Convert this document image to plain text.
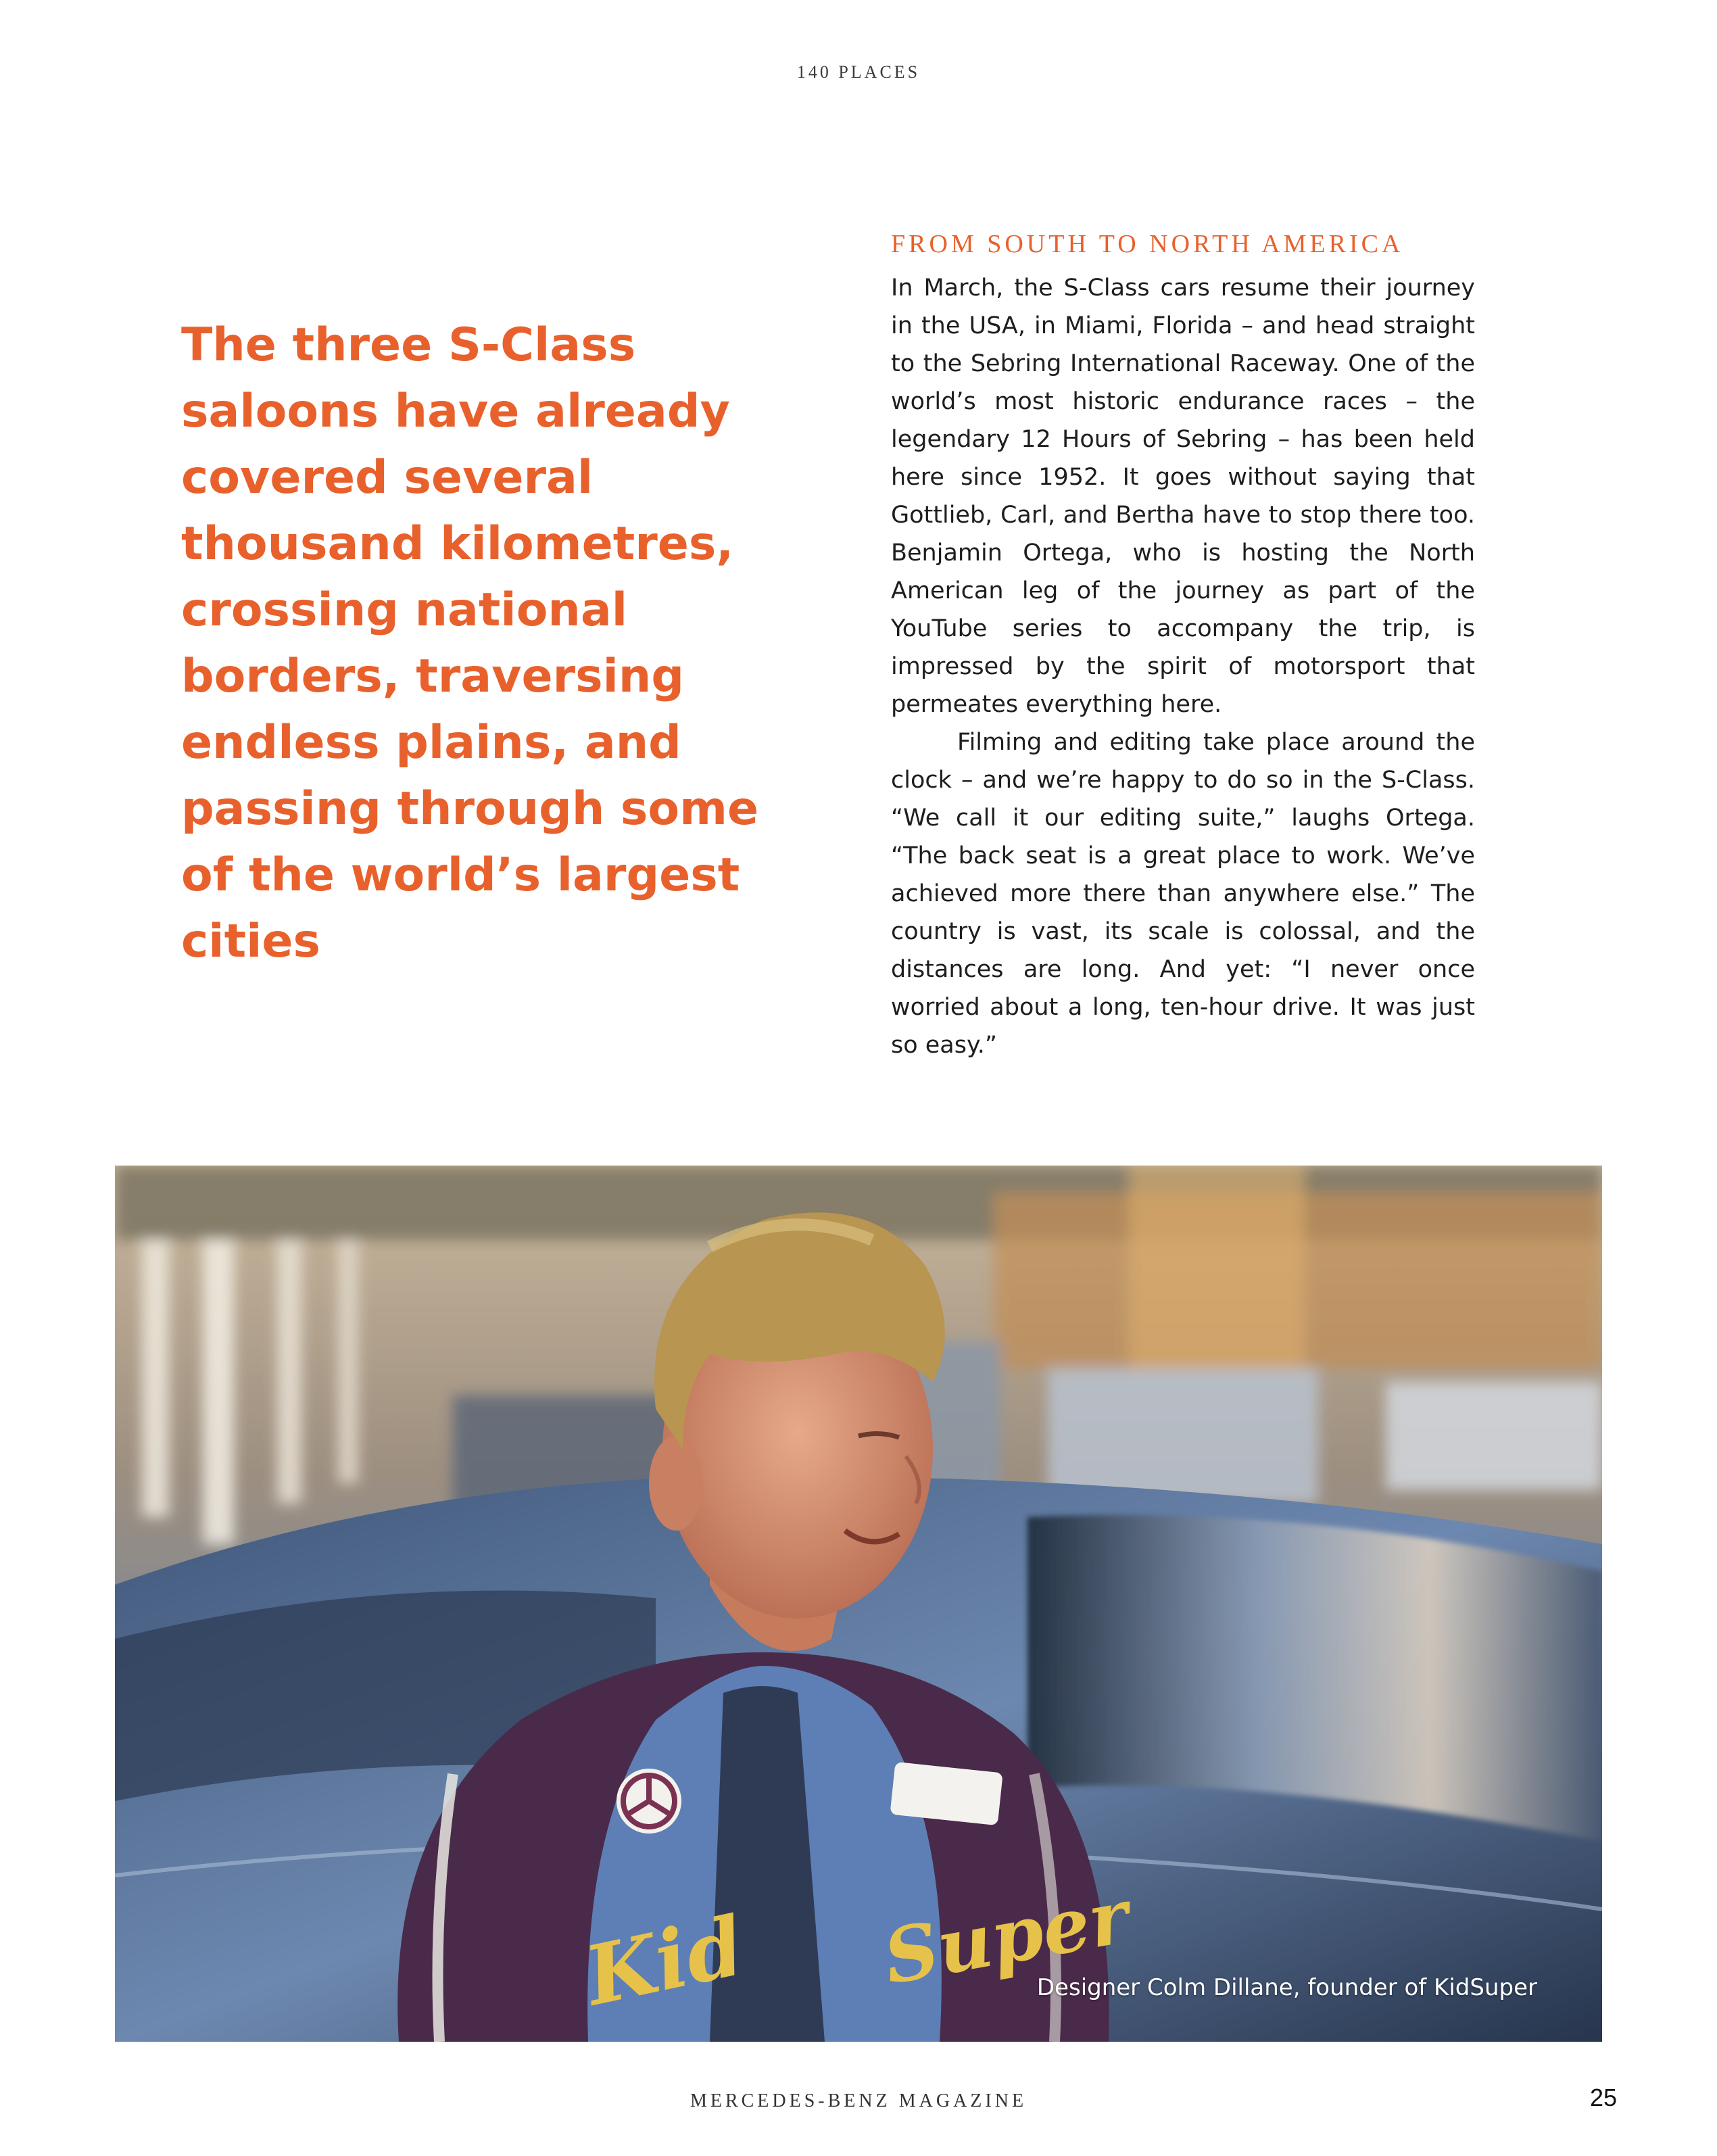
140 PLACES
The three S-Class saloons have already covered several thousand kilometres, crossing national borders, traversing endless plains, and passing through some of the world’s largest cities
FROM SOUTH TO NORTH AMERICA

In March, the S-Class cars resume their journey in the USA, in Miami, Florida – and head straight to the Sebring International Raceway. One of the world’s most historic endurance races – the legendary 12 Hours of Sebring – has been held here since 1952. It goes without saying that Gottlieb, Carl, and Bertha have to stop there too. Benjamin Ortega, who is hosting the North American leg of the journey as part of the YouTube series to accompany the trip, is impressed by the spirit of motorsport that permeates everything here.

Filming and editing take place around the clock – and we’re happy to do so in the S-Class. “We call it our editing suite,” laughs Ortega. “The back seat is a great place to work. We’ve achieved more there than anywhere else.” The country is vast, its scale is colossal, and the distances are long. And yet: “I never once worried about a long, ten-hour drive. It was just so easy.”

Kid Super
Designer Colm Dillane, founder of KidSuper
MERCEDES-BENZ MAGAZINE	25
